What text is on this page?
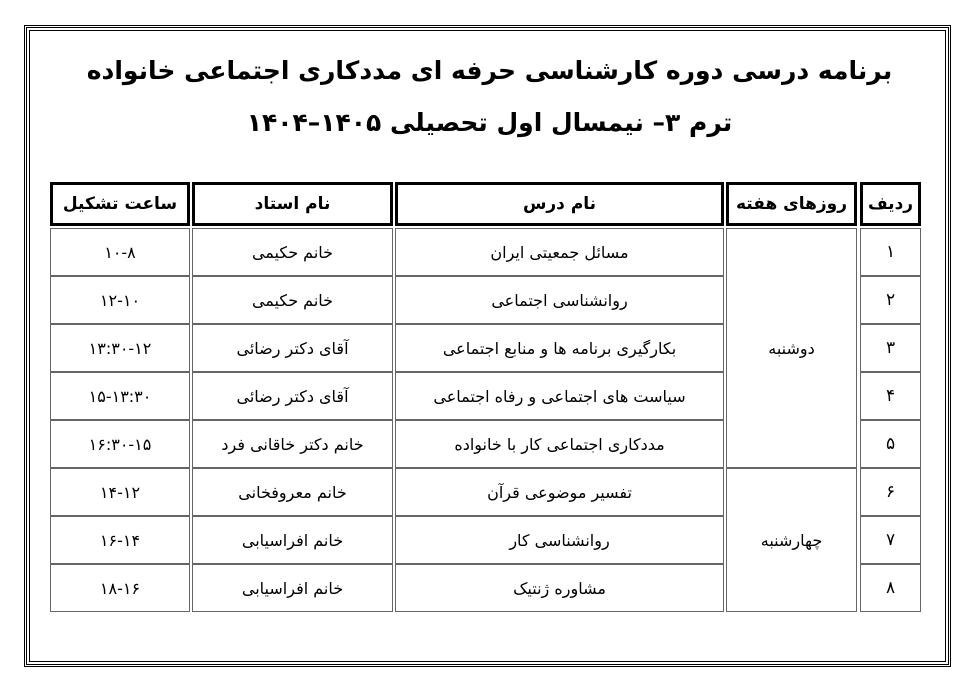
برنامه درسی دوره کارشناسی حرفه ای مددکاری اجتماعی خانواده
ترم ۳– نیمسال اول تحصیلی ۱۴۰۵–۱۴۰۴
ردیف
روزهای هفته
نام درس
نام استاد
ساعت تشکیل
دوشنبه
چهارشنبه
۱
مسائل جمعیتی ایران
خانم حکیمی
۱۰-۸
۲
روانشناسی اجتماعی
خانم حکیمی
۱۲-۱۰
۳
بکارگیری برنامه ها و منابع اجتماعی
آقای دکتر رضائی
۱۳:۳۰-۱۲
۴
سیاست های اجتماعی و رفاه اجتماعی
آقای دکتر رضائی
۱۵-۱۳:۳۰
۵
مددکاری اجتماعی کار با خانواده
خانم دکتر خاقانی فرد
۱۶:۳۰-۱۵
۶
تفسیر موضوعی قرآن
خانم معروفخانی
۱۴-۱۲
۷
روانشناسی کار
خانم افراسیابی
۱۶-۱۴
۸
مشاوره ژنتیک
خانم افراسیابی
۱۸-۱۶
